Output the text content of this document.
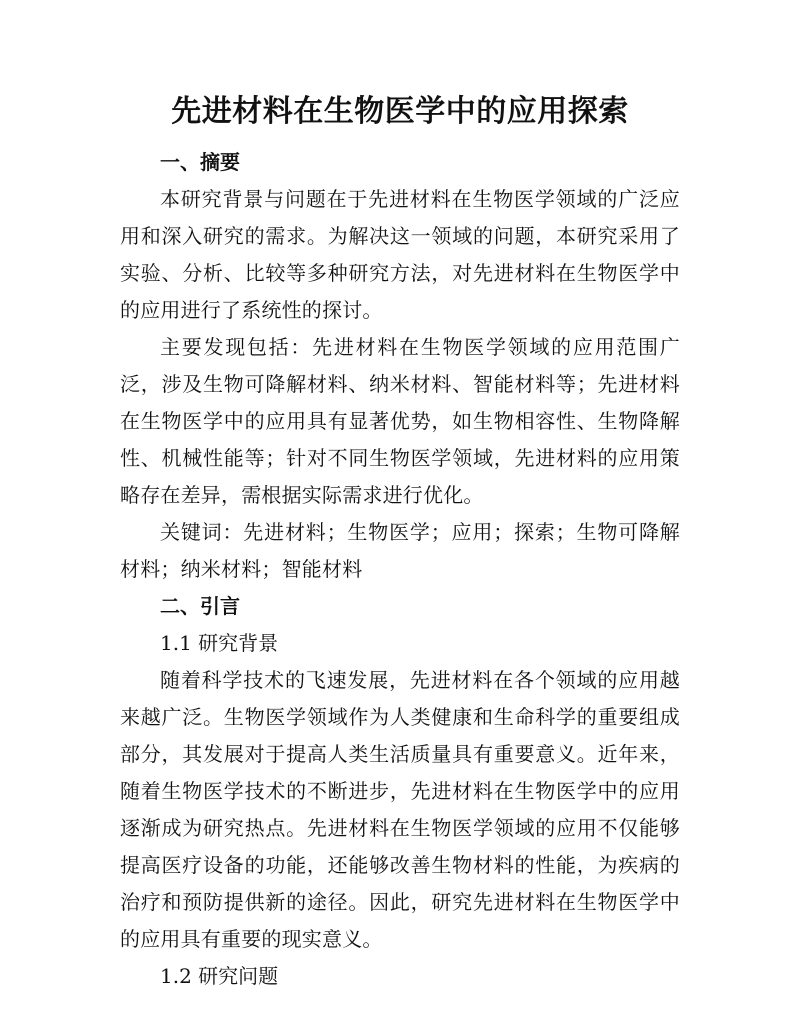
先进材料在生物医学中的应用探索

一、摘要

本研究背景与问题在于先进材料在生物医学领域的广泛应用和深入研究的需求。为解决这一领域的问题，本研究采用了实验、分析、比较等多种研究方法，对先进材料在生物医学中的应用进行了系统性的探讨。

主要发现包括：先进材料在生物医学领域的应用范围广泛，涉及生物可降解材料、纳米材料、智能材料等；先进材料在生物医学中的应用具有显著优势，如生物相容性、生物降解性、机械性能等；针对不同生物医学领域，先进材料的应用策略存在差异，需根据实际需求进行优化。

关键词：先进材料；生物医学；应用；探索；生物可降解材料；纳米材料；智能材料

二、引言

1.1 研究背景

随着科学技术的飞速发展，先进材料在各个领域的应用越来越广泛。生物医学领域作为人类健康和生命科学的重要组成部分，其发展对于提高人类生活质量具有重要意义。近年来，随着生物医学技术的不断进步，先进材料在生物医学中的应用逐渐成为研究热点。先进材料在生物医学领域的应用不仅能够提高医疗设备的功能，还能够改善生物材料的性能，为疾病的治疗和预防提供新的途径。因此，研究先进材料在生物医学中的应用具有重要的现实意义。

1.2 研究问题
